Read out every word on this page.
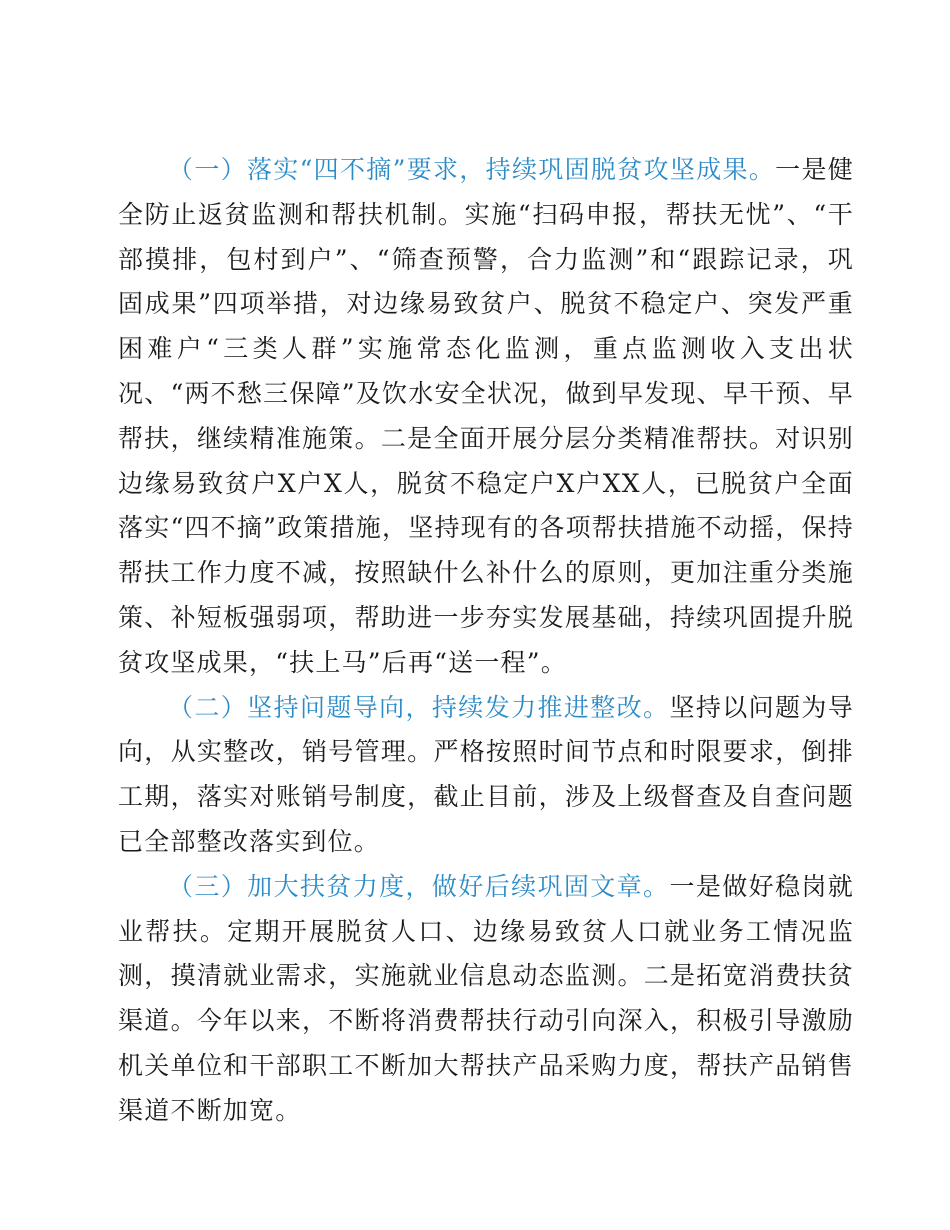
（一）落实“四不摘”要求，持续巩固脱贫攻坚成果。一是健全防止返贫监测和帮扶机制。实施“扫码申报，帮扶无忧”、“干部摸排，包村到户”、“筛查预警，合力监测”和“跟踪记录，巩固成果”四项举措，对边缘易致贫户、脱贫不稳定户、突发严重困难户“三类人群”实施常态化监测，重点监测收入支出状况、“两不愁三保障”及饮水安全状况，做到早发现、早干预、早帮扶，继续精准施策。二是全面开展分层分类精准帮扶。对识别边缘易致贫户X户X人，脱贫不稳定户X户XX人，已脱贫户全面落实“四不摘”政策措施，坚持现有的各项帮扶措施不动摇，保持帮扶工作力度不减，按照缺什么补什么的原则，更加注重分类施策、补短板强弱项，帮助进一步夯实发展基础，持续巩固提升脱贫攻坚成果，“扶上马”后再“送一程”。

（二）坚持问题导向，持续发力推进整改。坚持以问题为导向，从实整改，销号管理。严格按照时间节点和时限要求，倒排工期，落实对账销号制度，截止目前，涉及上级督查及自查问题已全部整改落实到位。

（三）加大扶贫力度，做好后续巩固文章。一是做好稳岗就业帮扶。定期开展脱贫人口、边缘易致贫人口就业务工情况监测，摸清就业需求，实施就业信息动态监测。二是拓宽消费扶贫渠道。今年以来，不断将消费帮扶行动引向深入，积极引导激励机关单位和干部职工不断加大帮扶产品采购力度，帮扶产品销售渠道不断加宽。
